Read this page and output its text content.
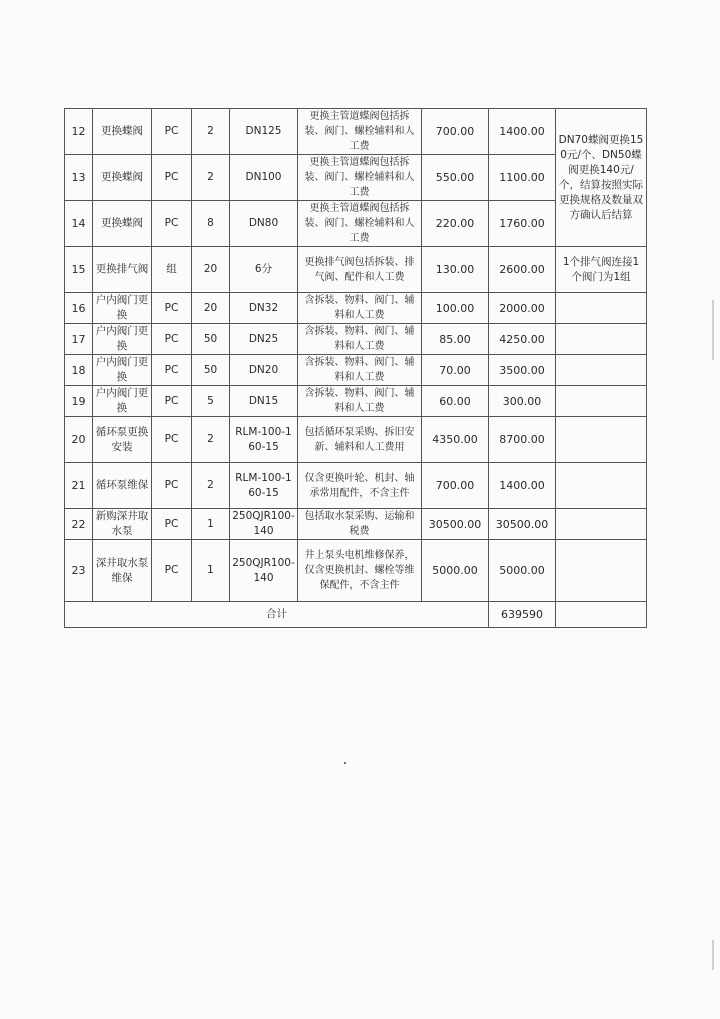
12	更换蝶阀	PC	2	DN125	更换主管道蝶阀包括拆装、阀门、螺栓辅料和人工费	700.00	1400.00	DN70蝶阀更换150元/个、DN50蝶阀更换140元/个，结算按照实际更换规格及数量双方确认后结算
13	更换蝶阀	PC	2	DN100	更换主管道蝶阀包括拆装、阀门、螺栓辅料和人工费	550.00	1100.00	
14	更换蝶阀	PC	8	DN80	更换主管道蝶阀包括拆装、阀门、螺栓辅料和人工费	220.00	1760.00	
15	更换排气阀	组	20	6分	更换排气阀包括拆装、排气阀、配件和人工费	130.00	2600.00	1个排气阀连接1个阀门为1组
16	户内阀门更换	PC	20	DN32	含拆装、物料、阀门、辅料和人工费	100.00	2000.00	
17	户内阀门更换	PC	50	DN25	含拆装、物料、阀门、辅料和人工费	85.00	4250.00	
18	户内阀门更换	PC	50	DN20	含拆装、物料、阀门、辅料和人工费	70.00	3500.00	
19	户内阀门更换	PC	5	DN15	含拆装、物料、阀门、辅料和人工费	60.00	300.00	
20	循环泵更换安装	PC	2	RLM-100-160-15	包括循环泵采购、拆旧安新、辅料和人工费用	4350.00	8700.00	
21	循环泵维保	PC	2	RLM-100-160-15	仅含更换叶轮、机封、轴承常用配件，不含主件	700.00	1400.00	
22	新购深井取水泵	PC	1	250QJR100-140	包括取水泵采购、运输和税费	30500.00	30500.00	
23	深井取水泵维保	PC	1	250QJR100-140	井上泵头电机维修保养，仅含更换机封、螺栓等维保配件，不含主件	5000.00	5000.00	
合计							639590	
